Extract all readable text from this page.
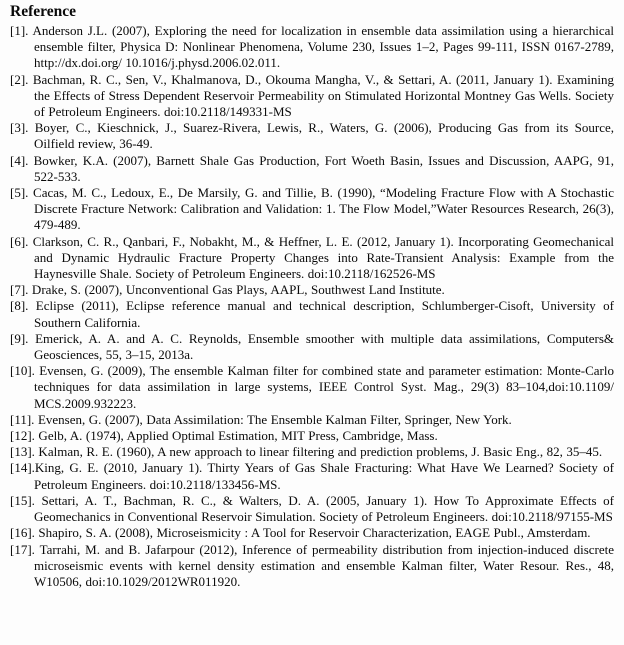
Reference

[1]. Anderson J.L. (2007), Exploring the need for localization in ensemble data assimilation using a hierarchical ensemble filter, Physica D: Nonlinear Phenomena, Volume 230, Issues 1–2, Pages 99-111, ISSN 0167-2789, http://dx.doi.org/ 10.1016/j.physd.2006.02.011.

[2]. Bachman, R. C., Sen, V., Khalmanova, D., Okouma Mangha, V., & Settari, A. (2011, January 1). Examining the Effects of Stress Dependent Reservoir Permeability on Stimulated Horizontal Montney Gas Wells. Society of Petroleum Engineers. doi:10.2118/149331-MS

[3]. Boyer, C., Kieschnick, J., Suarez-Rivera, Lewis, R., Waters, G. (2006), Producing Gas from its Source, Oilfield review, 36-49.

[4]. Bowker, K.A. (2007), Barnett Shale Gas Production, Fort Woeth Basin, Issues and Discussion, AAPG, 91, 522-533.

[5]. Cacas, M. C., Ledoux, E., De Marsily, G. and Tillie, B. (1990), “Modeling Fracture Flow with A Stochastic Discrete Fracture Network: Calibration and Validation: 1. The Flow Model,”Water Resources Research, 26(3), 479-489.

[6]. Clarkson, C. R., Qanbari, F., Nobakht, M., & Heffner, L. E. (2012, January 1). Incorporating Geomechanical and Dynamic Hydraulic Fracture Property Changes into Rate-Transient Analysis: Example from the Haynesville Shale. Society of Petroleum Engineers. doi:10.2118/162526-MS

[7]. Drake, S. (2007), Unconventional Gas Plays, AAPL, Southwest Land Institute.

[8]. Eclipse (2011), Eclipse reference manual and technical description, Schlumberger-Cisoft, University of Southern California.

[9]. Emerick, A. A. and A. C. Reynolds, Ensemble smoother with multiple data assimilations, Computers& Geosciences, 55, 3–15, 2013a.

[10]. Evensen, G. (2009), The ensemble Kalman filter for combined state and parameter estimation: Monte-Carlo techniques for data assimilation in large systems, IEEE Control Syst. Mag., 29(3) 83–104,doi:10.1109/ MCS.2009.932223.

[11]. Evensen, G. (2007), Data Assimilation: The Ensemble Kalman Filter, Springer, New York.

[12]. Gelb, A. (1974), Applied Optimal Estimation, MIT Press, Cambridge, Mass.

[13]. Kalman, R. E. (1960), A new approach to linear filtering and prediction problems, J. Basic Eng., 82, 35–45.

[14].King, G. E. (2010, January 1). Thirty Years of Gas Shale Fracturing: What Have We Learned? Society of Petroleum Engineers. doi:10.2118/133456-MS.

[15]. Settari, A. T., Bachman, R. C., & Walters, D. A. (2005, January 1). How To Approximate Effects of Geomechanics in Conventional Reservoir Simulation. Society of Petroleum Engineers. doi:10.2118/97155-MS

[16]. Shapiro, S. A. (2008), Microseismicity : A Tool for Reservoir Characterization, EAGE Publ., Amsterdam.

[17]. Tarrahi, M. and B. Jafarpour (2012), Inference of permeability distribution from injection-induced discrete microseismic events with kernel density estimation and ensemble Kalman filter, Water Resour. Res., 48, W10506, doi:10.1029/2012WR011920.
